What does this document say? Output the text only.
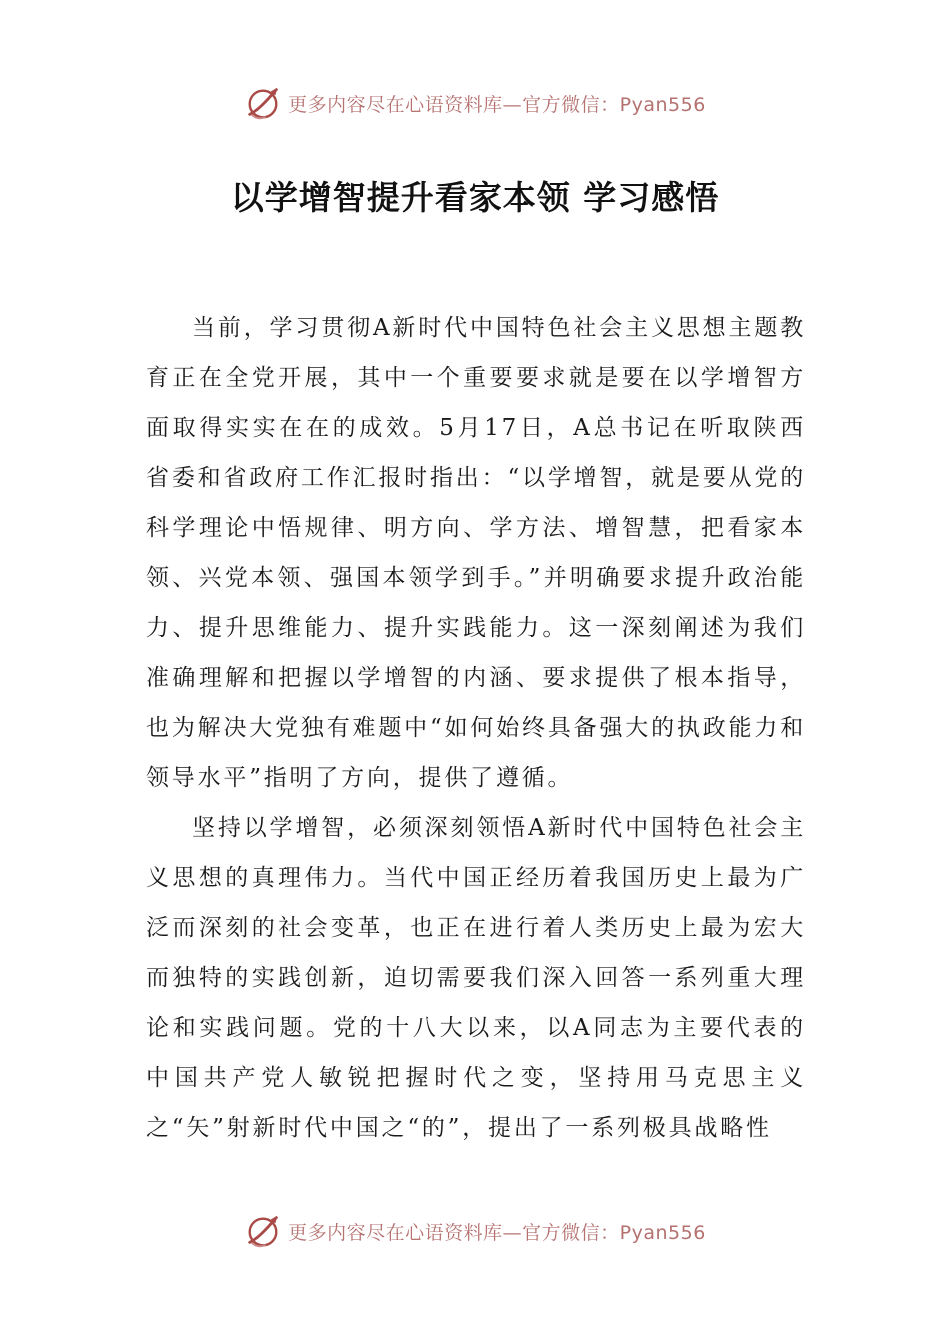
更多内容尽在心语资料库—官方微信：Pyan556
以学增智提升看家本领 学习感悟

当前，学习贯彻A新时代中国特色社会主义思想主题教育正在全党开展，其中一个重要要求就是要在以学增智方面取得实实在在的成效。5月17日，A总书记在听取陕西省委和省政府工作汇报时指出：“以学增智，就是要从党的科学理论中悟规律、明方向、学方法、增智慧，把看家本领、兴党本领、强国本领学到手。”并明确要求提升政治能力、提升思维能力、提升实践能力。这一深刻阐述为我们准确理解和把握以学增智的内涵、要求提供了根本指导，也为解决大党独有难题中“如何始终具备强大的执政能力和领导水平”指明了方向，提供了遵循。

坚持以学增智，必须深刻领悟A新时代中国特色社会主义思想的真理伟力。当代中国正经历着我国历史上最为广泛而深刻的社会变革，也正在进行着人类历史上最为宏大而独特的实践创新，迫切需要我们深入回答一系列重大理论和实践问题。党的十八大以来，以A同志为主要代表的中国共产党人敏锐把握时代之变，坚持用马克思主义之“矢”射新时代中国之“的”，提出了一系列极具战略性

更多内容尽在心语资料库—官方微信：Pyan556
